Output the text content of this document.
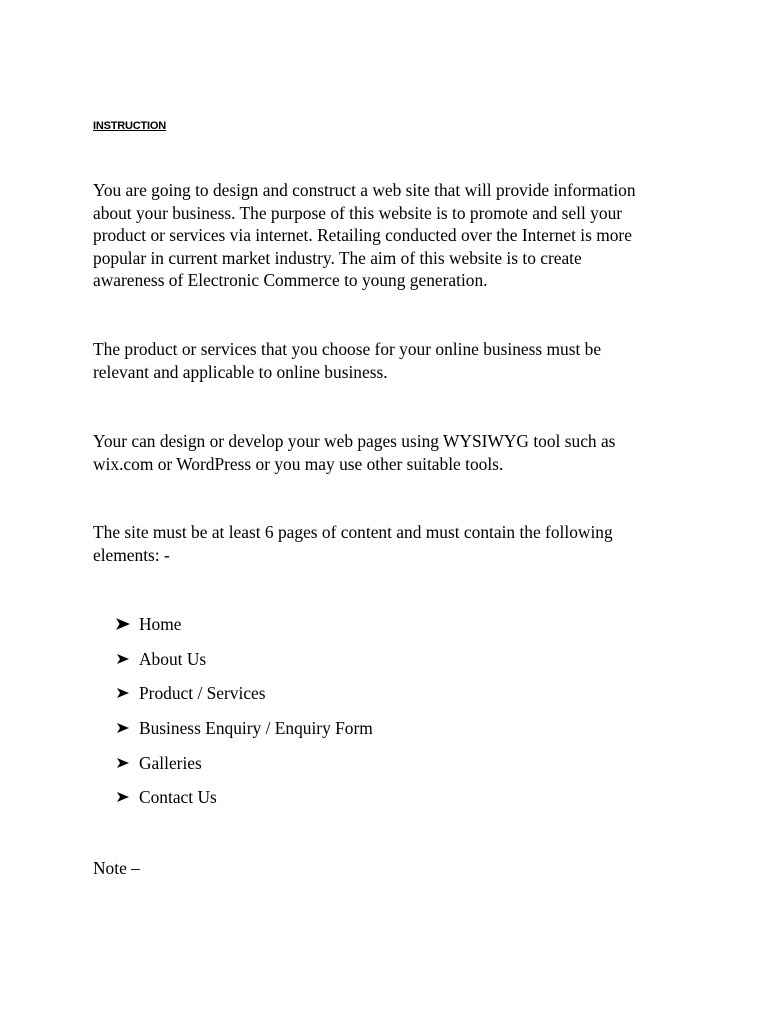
INSTRUCTION

You are going to design and construct a web site that will provide information
about your business. The purpose of this website is to promote and sell your
product or services via internet. Retailing conducted over the Internet is more
popular in current market industry. The aim of this website is to create
awareness of Electronic Commerce to young generation.

The product or services that you choose for your online business must be
relevant and applicable to online business.

Your can design or develop your web pages using WYSIWYG tool such as
wix.com or WordPress or you may use other suitable tools.

The site must be at least 6 pages of content and must contain the following
elements: -

Home
About Us
Product / Services
Business Enquiry / Enquiry Form
Galleries
Contact Us
Note –
